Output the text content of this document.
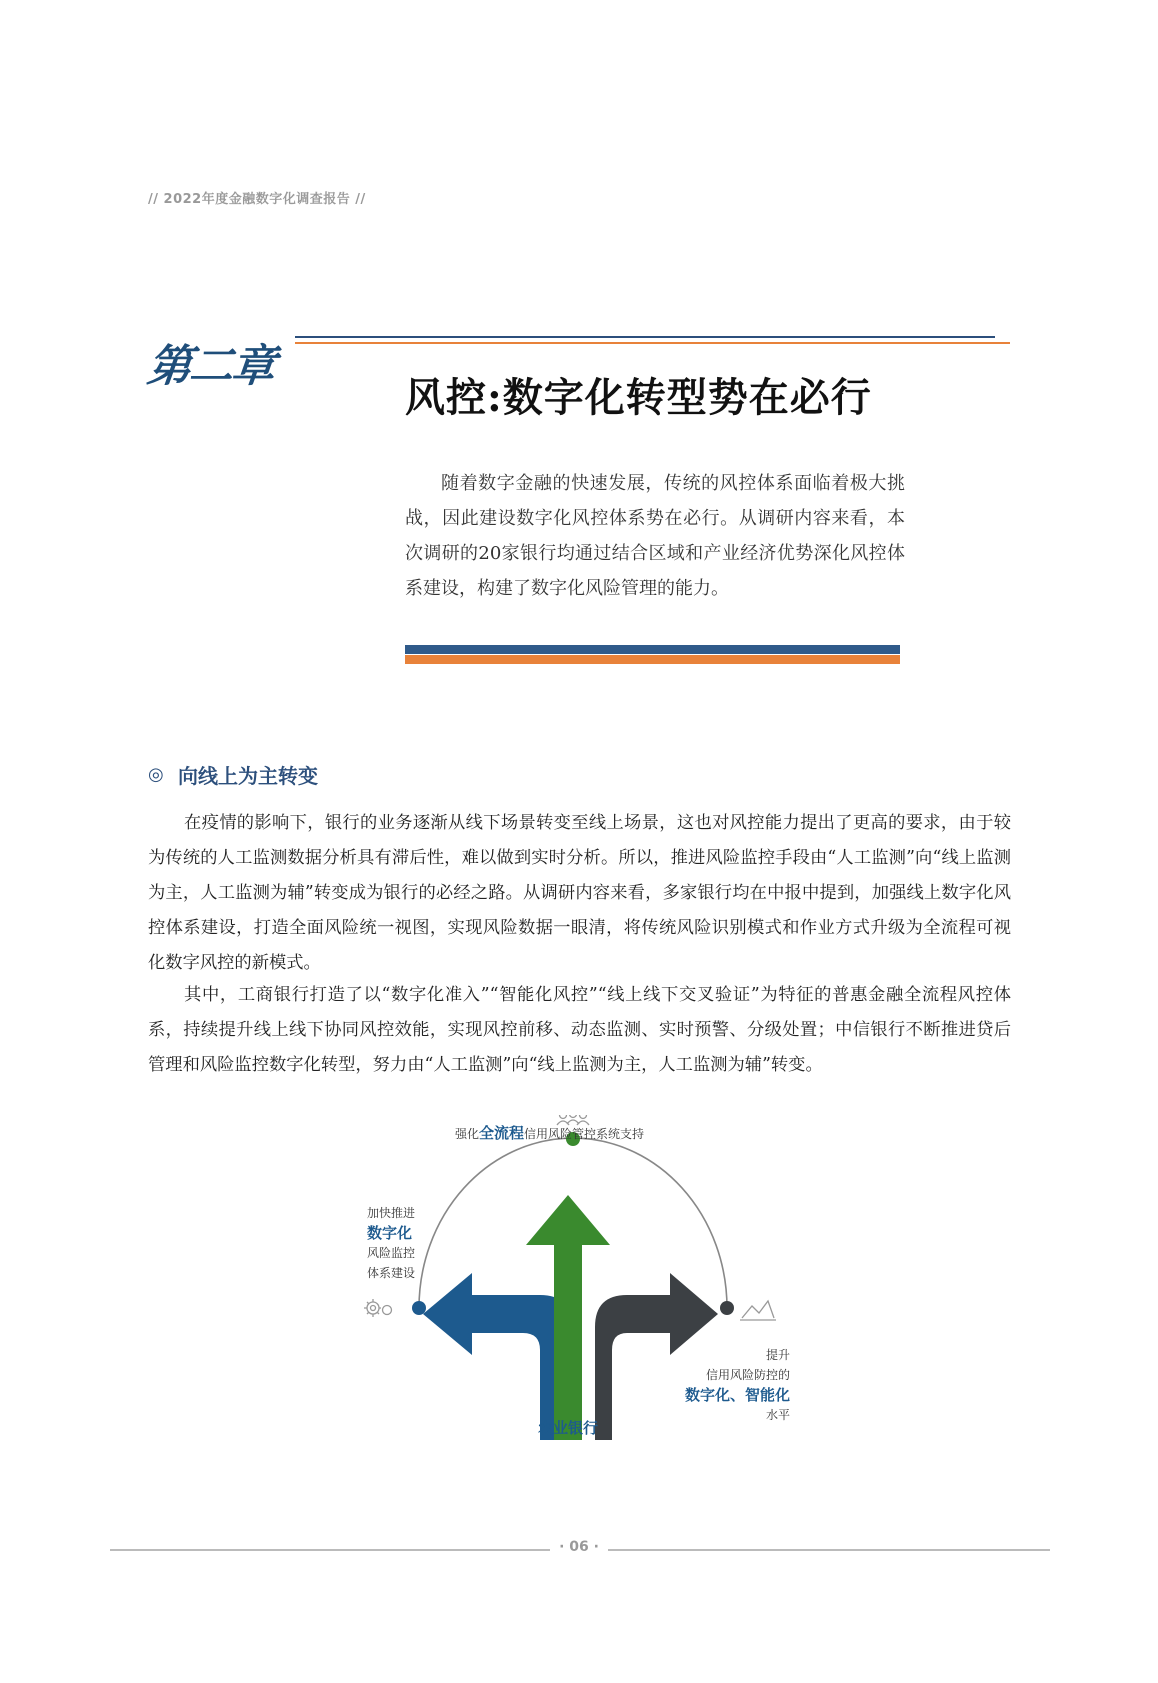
// 2022年度金融数字化调查报告 //
第二章
风控:数字化转型势在必行
随着数字金融的快速发展，传统的风控体系面临着极大挑战，因此建设数字化风控体系势在必行。从调研内容来看，本次调研的20家银行均通过结合区域和产业经济优势深化风控体系建设，构建了数字化风险管理的能力。
◎ 向线上为主转变
在疫情的影响下，银行的业务逐渐从线下场景转变至线上场景，这也对风控能力提出了更高的要求，由于较为传统的人工监测数据分析具有滞后性，难以做到实时分析。所以，推进风险监控手段由“人工监测”向“线上监测为主，人工监测为辅”转变成为银行的必经之路。从调研内容来看，多家银行均在中报中提到，加强线上数字化风控体系建设，打造全面风险统一视图，实现风险数据一眼清，将传统风险识别模式和作业方式升级为全流程可视化数字风控的新模式。
其中，工商银行打造了以“数字化准入”“智能化风控”“线上线下交叉验证”为特征的普惠金融全流程风控体系，持续提升线上线下协同风控效能，实现风控前移、动态监测、实时预警、分级处置；中信银行不断推进贷后管理和风险监控数字化转型，努力由“人工监测”向“线上监测为主，人工监测为辅”转变。
农业银行
强化全流程信用风险管控系统支持
加快推进
数字化
风险监控
体系建设
提升
信用风险防控的
数字化、智能化
水平
· 06 ·
